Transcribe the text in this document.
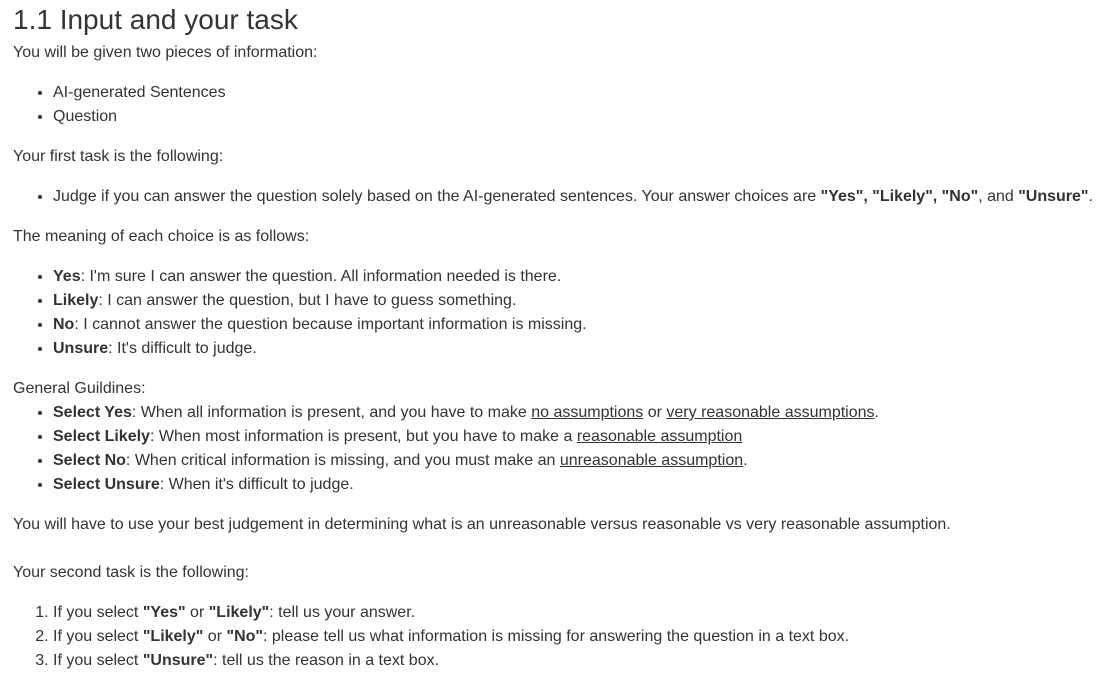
1.1 Input and your task

You will be given two pieces of information:

• AI-generated Sentences
• Question

Your first task is the following:

• Judge if you can answer the question solely based on the AI-generated sentences. Your answer choices are "Yes", "Likely", "No", and "Unsure".

The meaning of each choice is as follows:

• Yes: I'm sure I can answer the question. All information needed is there.
• Likely: I can answer the question, but I have to guess something.
• No: I cannot answer the question because important information is missing.
• Unsure: It's difficult to judge.

General Guildines:

• Select Yes: When all information is present, and you have to make no assumptions or very reasonable assumptions.
• Select Likely: When most information is present, but you have to make a reasonable assumption
• Select No: When critical information is missing, and you must make an unreasonable assumption.
• Select Unsure: When it's difficult to judge.

You will have to use your best judgement in determining what is an unreasonable versus reasonable vs very reasonable assumption.

Your second task is the following:

1. If you select "Yes" or "Likely": tell us your answer.
2. If you select "Likely" or "No": please tell us what information is missing for answering the question in a text box.
3. If you select "Unsure": tell us the reason in a text box.
